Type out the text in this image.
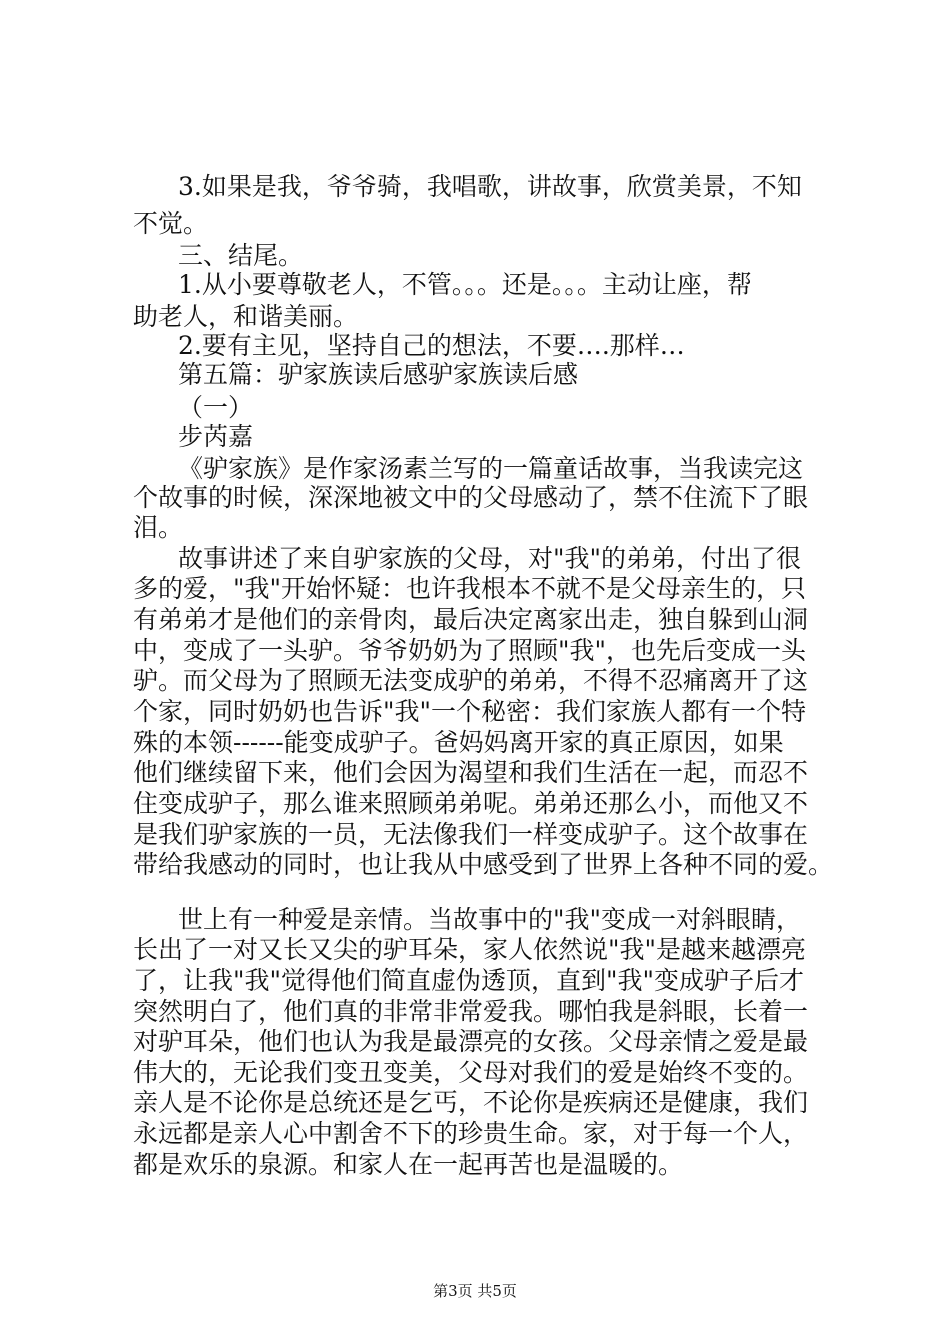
3.如果是我，爷爷骑，我唱歌，讲故事，欣赏美景，不知
不觉。
三、结尾。
1.从小要尊敬老人，不管。。。还是。。。主动让座，帮
助老人，和谐美丽。
2.要有主见，坚持自己的想法，不要….那样…
第五篇：驴家族读后感驴家族读后感
（一）
步芮嘉
《驴家族》是作家汤素兰写的一篇童话故事，当我读完这
个故事的时候，深深地被文中的父母感动了，禁不住流下了眼
泪。
故事讲述了来自驴家族的父母，对"我"的弟弟，付出了很
多的爱，"我"开始怀疑：也许我根本不就不是父母亲生的，只
有弟弟才是他们的亲骨肉，最后决定离家出走，独自躲到山洞
中，变成了一头驴。爷爷奶奶为了照顾"我"，也先后变成一头
驴。而父母为了照顾无法变成驴的弟弟，不得不忍痛离开了这
个家，同时奶奶也告诉"我"一个秘密：我们家族人都有一个特
殊的本领------能变成驴子。爸妈妈离开家的真正原因，如果
他们继续留下来，他们会因为渴望和我们生活在一起，而忍不
住变成驴子，那么谁来照顾弟弟呢。弟弟还那么小，而他又不
是我们驴家族的一员，无法像我们一样变成驴子。这个故事在
带给我感动的同时，也让我从中感受到了世界上各种不同的爱。
世上有一种爱是亲情。当故事中的"我"变成一对斜眼睛，
长出了一对又长又尖的驴耳朵，家人依然说"我"是越来越漂亮
了，让我"我"觉得他们简直虚伪透顶，直到"我"变成驴子后才
突然明白了，他们真的非常非常爱我。哪怕我是斜眼，长着一
对驴耳朵，他们也认为我是最漂亮的女孩。父母亲情之爱是最
伟大的，无论我们变丑变美，父母对我们的爱是始终不变的。
亲人是不论你是总统还是乞丐，不论你是疾病还是健康，我们
永远都是亲人心中割舍不下的珍贵生命。家，对于每一个人，
都是欢乐的泉源。和家人在一起再苦也是温暖的。
第3页 共5页
